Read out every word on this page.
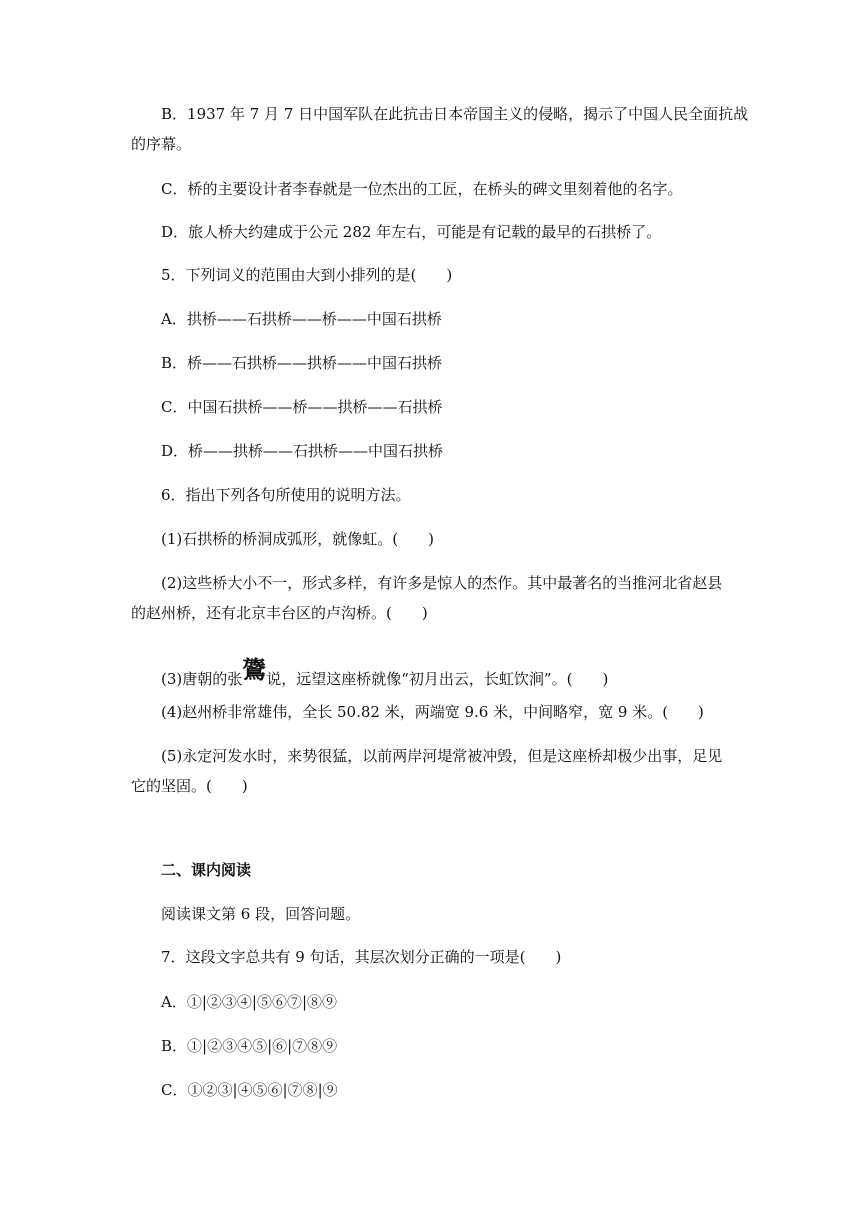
B．1937 年 7 月 7 日中国军队在此抗击日本帝国主义的侵略，揭示了中国人民全面抗战
的序幕。
C．桥的主要设计者李春就是一位杰出的工匠，在桥头的碑文里刻着他的名字。
D．旅人桥大约建成于公元 282 年左右，可能是有记载的最早的石拱桥了。
5．下列词义的范围由大到小排列的是(　　)
A．拱桥——石拱桥——桥——中国石拱桥
B．桥——石拱桥——拱桥——中国石拱桥
C．中国石拱桥——桥——拱桥——石拱桥
D．桥——拱桥——石拱桥——中国石拱桥
6．指出下列各句所使用的说明方法。
(1)石拱桥的桥洞成弧形，就像虹。(　　)
(2)这些桥大小不一，形式多样，有许多是惊人的杰作。其中最著名的当推河北省赵县
的赵州桥，还有北京丰台区的卢沟桥。(　　)
(3)唐朝的张鷟说，远望这座桥就像“初月出云，长虹饮涧”。(　　)
(4)赵州桥非常雄伟，全长 50.82 米，两端宽 9.6 米，中间略窄，宽 9 米。(　　)
(5)永定河发水时，来势很猛，以前两岸河堤常被冲毁，但是这座桥却极少出事，足见
它的坚固。(　　)
二、课内阅读
阅读课文第 6 段，回答问题。
7．这段文字总共有 9 句话，其层次划分正确的一项是(　　)
A．①|②③④|⑤⑥⑦|⑧⑨
B．①|②③④⑤|⑥|⑦⑧⑨
C．①②③|④⑤⑥|⑦⑧|⑨
